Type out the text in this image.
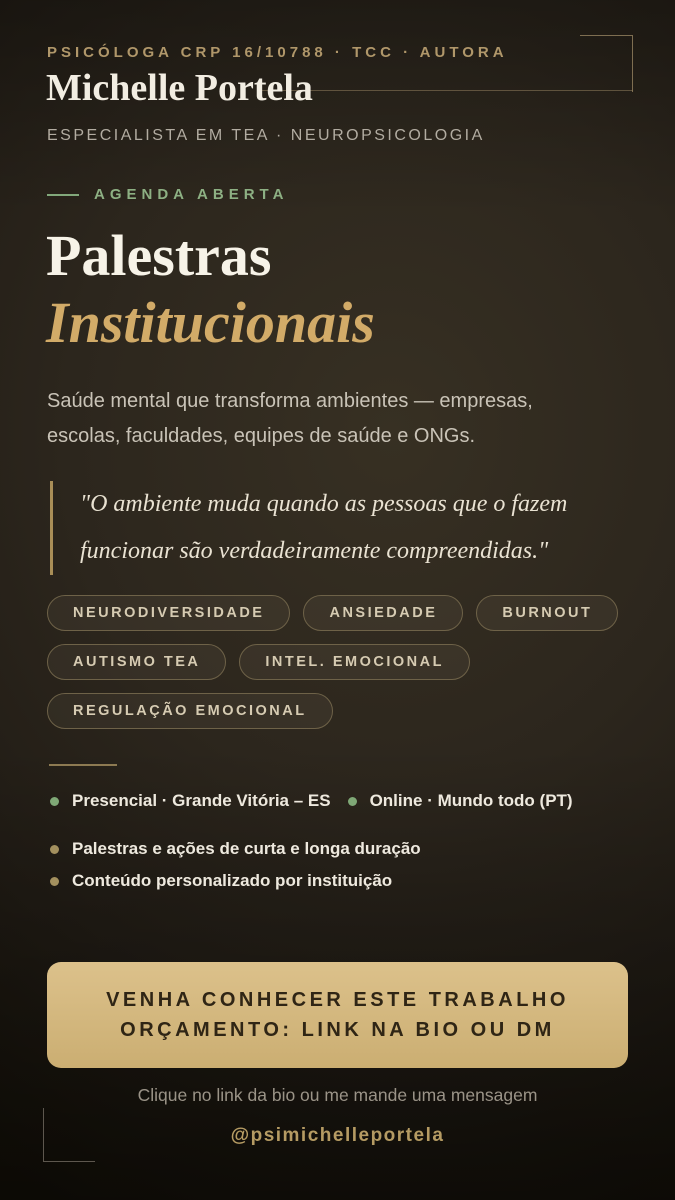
PSICÓLOGA CRP 16/10788 · TCC · AUTORA
Michelle Portela
ESPECIALISTA EM TEA · NEUROPSICOLOGIA
AGENDA ABERTA
Palestras
Institucionais
Saúde mental que transforma ambientes — empresas, escolas, faculdades, equipes de saúde e ONGs.
"O ambiente muda quando as pessoas que o fazem funcionar são verdadeiramente compreendidas."
NEURODIVERSIDADE	ANSIEDADE	BURNOUT
AUTISMO TEA	INTEL. EMOCIONAL
REGULAÇÃO EMOCIONAL
Presencial · Grande Vitória – ES Online · Mundo todo (PT)
Palestras e ações de curta e longa duração
Conteúdo personalizado por instituição
VENHA CONHECER ESTE TRABALHO
ORÇAMENTO: LINK NA BIO OU DM
Clique no link da bio ou me mande uma mensagem
@psimichelleportela
